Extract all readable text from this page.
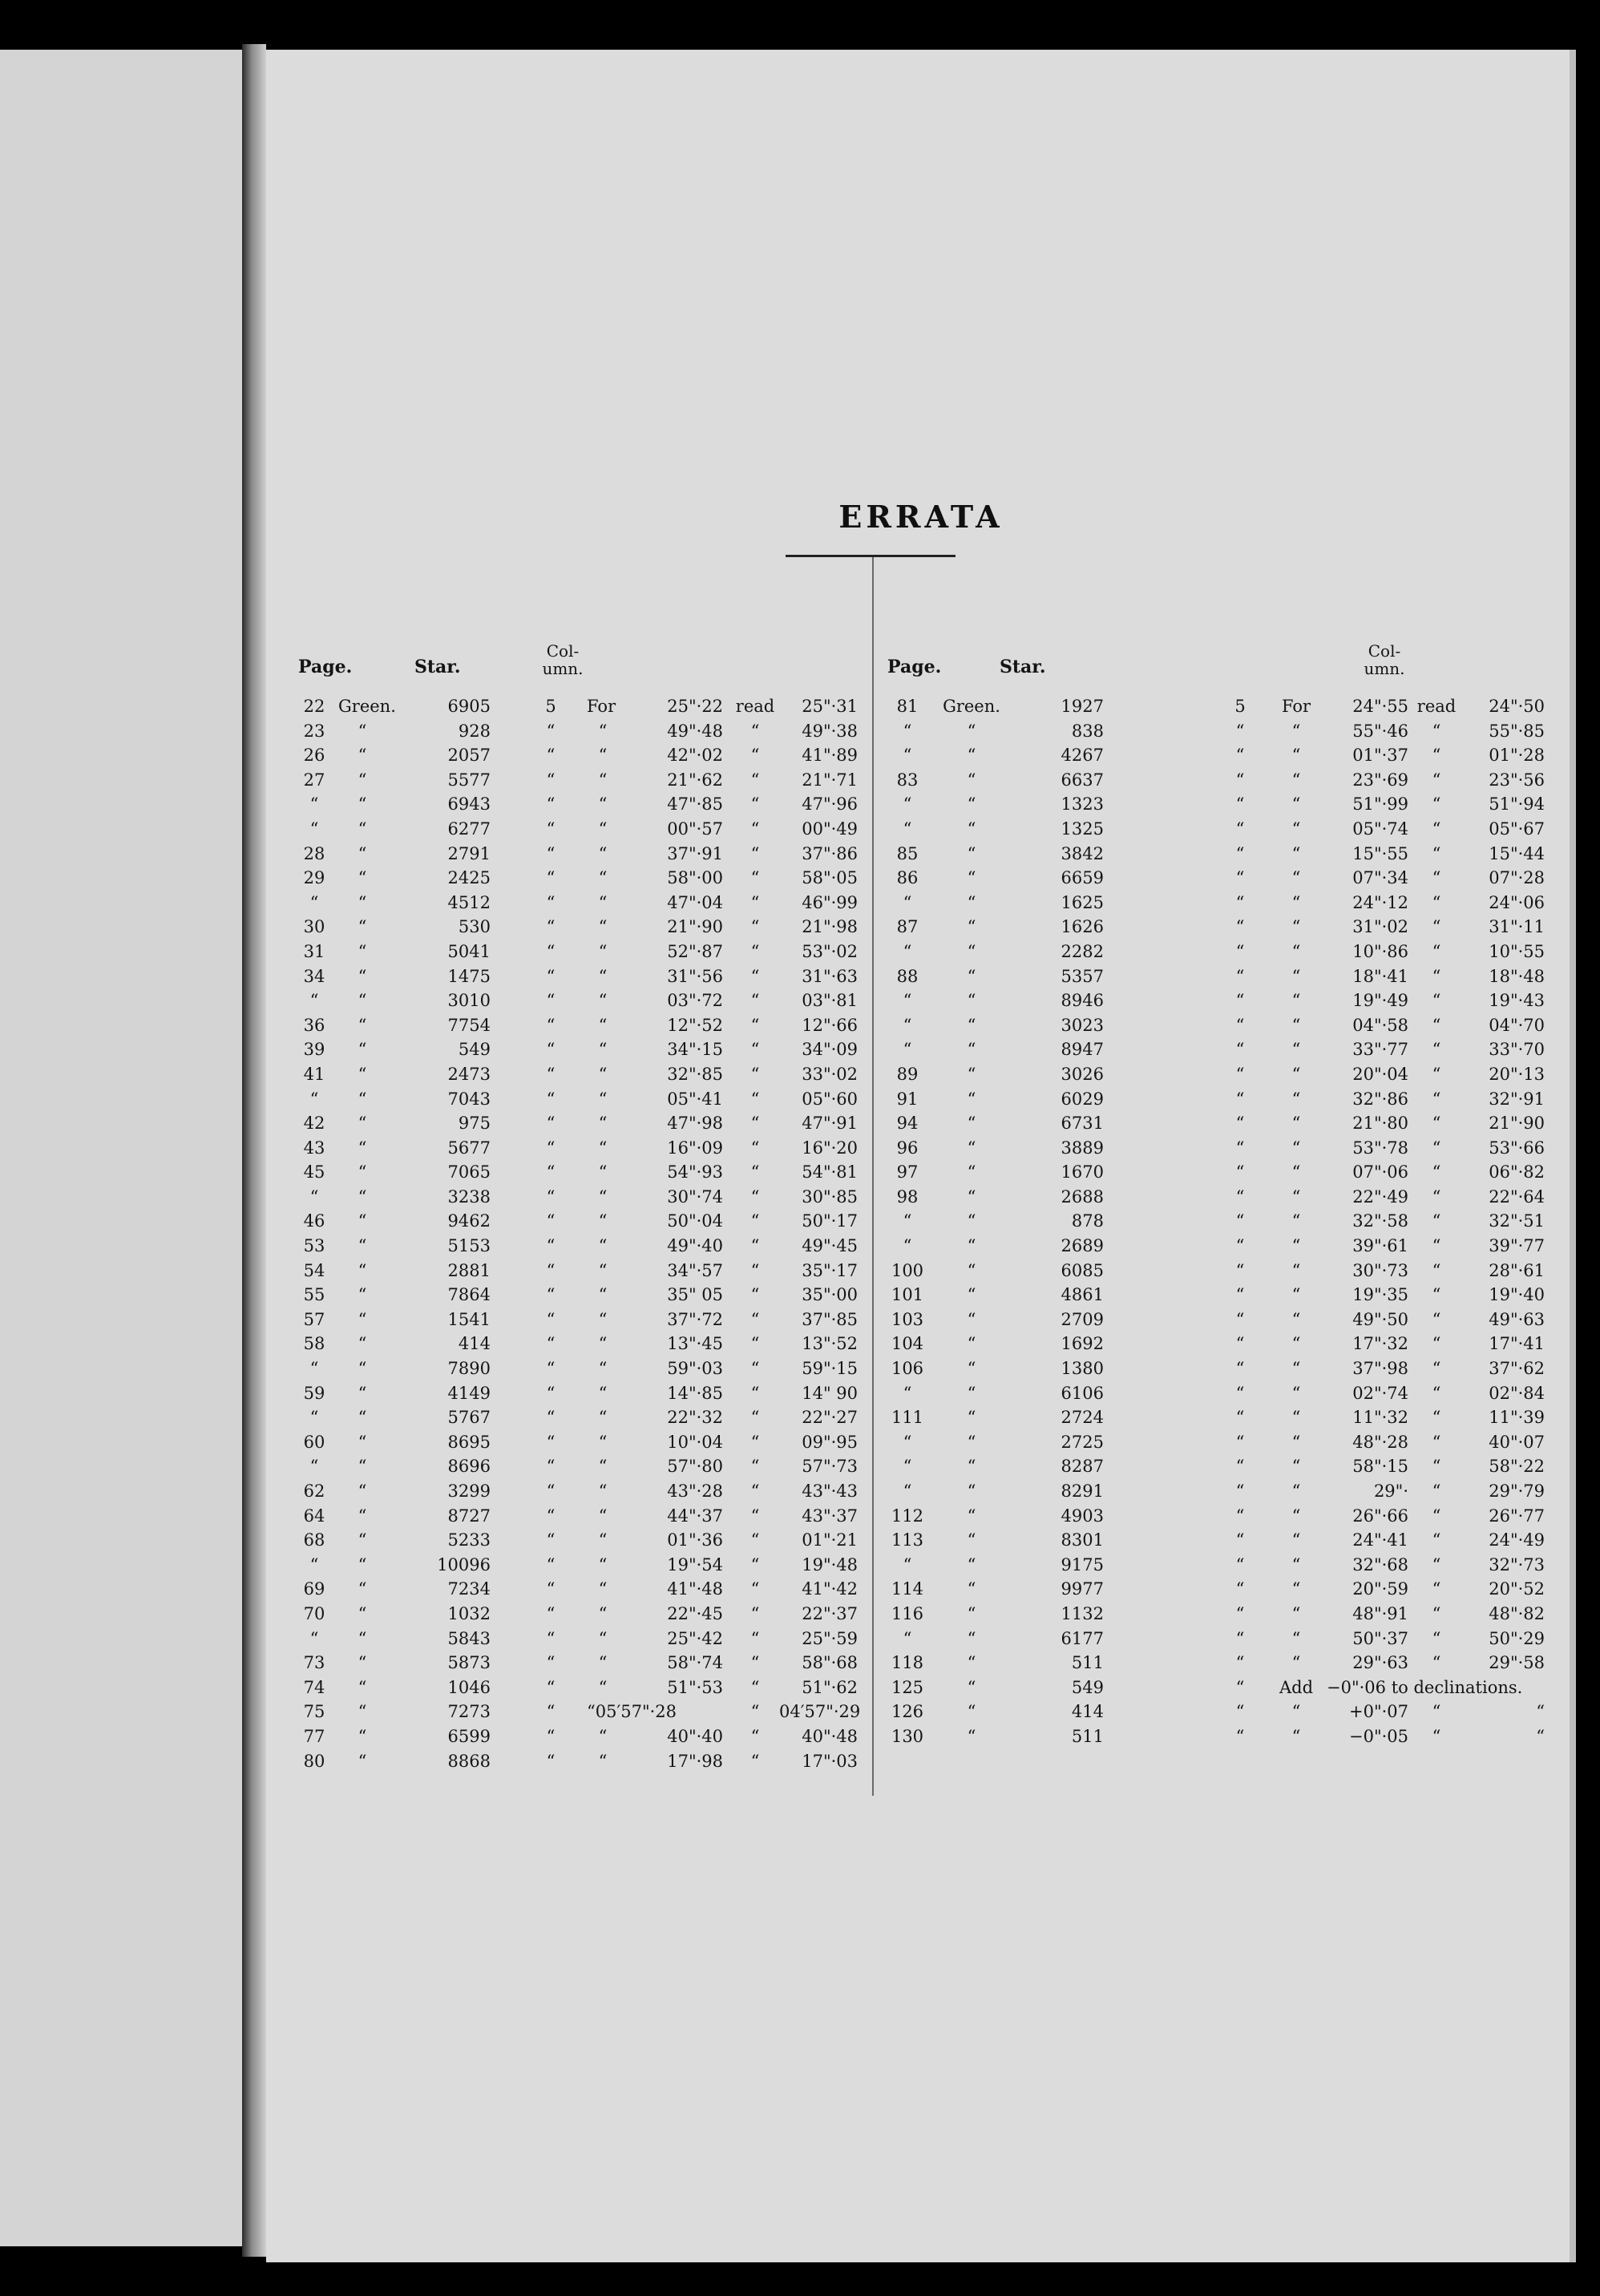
ERRATA
Page.	Star.
Col-
umn.
22 Green.	6905	5	For	25"·22 read	25"·31
23	“	928	“	“	49"·48	“	49"·38
26	“	2057	“	“	42"·02	“	41"·89
27	“	5577	“	“	21"·62	“	21"·71
“	“	6943	“	“	47"·85	“	47"·96
“	“	6277	“	“	00"·57	“	00"·49
28	“	2791	“	“	37"·91	“	37"·86
29	“	2425	“	“	58"·00	“	58"·05
“	“	4512	“	“	47"·04	“	46"·99
30	“	530	“	“	21"·90	“	21"·98
31	“	5041	“	“	52"·87	“	53"·02
34	“	1475	“	“	31"·56	“	31"·63
“	“	3010	“	“	03"·72	“	03"·81
36	“	7754	“	“	12"·52	“	12"·66
39	“	549	“	“	34"·15	“	34"·09
41	“	2473	“	“	32"·85	“	33"·02
“	“	7043	“	“	05"·41	“	05"·60
42	“	975	“	“	47"·98	“	47"·91
43	“	5677	“	“	16"·09	“	16"·20
45	“	7065	“	“	54"·93	“	54"·81
“	“	3238	“	“	30"·74	“	30"·85
46	“	9462	“	“	50"·04	“	50"·17
53	“	5153	“	“	49"·40	“	49"·45
54	“	2881	“	“	34"·57	“	35"·17
55	“	7864	“	“	35" 05	“	35"·00
57	“	1541	“	“	37"·72	“	37"·85
58	“	414	“	“	13"·45	“	13"·52
“	“	7890	“	“	59"·03	“	59"·15
59	“	4149	“	“	14"·85	“	14" 90
“	“	5767	“	“	22"·32	“	22"·27
60	“	8695	“	“	10"·04	“	09"·95
“	“	8696	“	“	57"·80	“	57"·73
62	“	3299	“	“	43"·28	“	43"·43
64	“	8727	“	“	44"·37	“	43"·37
68	“	5233	“	“	01"·36	“	01"·21
“	“	10096	“	“	19"·54	“	19"·48
69	“	7234	“	“	41"·48	“	41"·42
70	“	1032	“	“	22"·45	“	22"·37
“	“	5843	“	“	25"·42	“	25"·59
73	“	5873	“	“	58"·74	“	58"·68
74	“	1046	“	“	51"·53	“	51"·62
75	“	7273	“	“05′57"·28	“	04′57"·29
77	“	6599	“	“	40"·40	“	40"·48
80	“	8868	“	“	17"·98	“	17"·03
Page.	Star.
Col-
umn.
81	Green.	1927	5	For	24"·55 read	24"·50
“	“	838	“	“	55"·46	“	55"·85
“	“	4267	“	“	01"·37	“	01"·28
83	“	6637	“	“	23"·69	“	23"·56
“	“	1323	“	“	51"·99	“	51"·94
“	“	1325	“	“	05"·74	“	05"·67
85	“	3842	“	“	15"·55	“	15"·44
86	“	6659	“	“	07"·34	“	07"·28
“	“	1625	“	“	24"·12	“	24"·06
87	“	1626	“	“	31"·02	“	31"·11
“	“	2282	“	“	10"·86	“	10"·55
88	“	5357	“	“	18"·41	“	18"·48
“	“	8946	“	“	19"·49	“	19"·43
“	“	3023	“	“	04"·58	“	04"·70
“	“	8947	“	“	33"·77	“	33"·70
89	“	3026	“	“	20"·04	“	20"·13
91	“	6029	“	“	32"·86	“	32"·91
94	“	6731	“	“	21"·80	“	21"·90
96	“	3889	“	“	53"·78	“	53"·66
97	“	1670	“	“	07"·06	“	06"·82
98	“	2688	“	“	22"·49	“	22"·64
“	“	878	“	“	32"·58	“	32"·51
“	“	2689	“	“	39"·61	“	39"·77
100	“	6085	“	“	30"·73	“	28"·61
101	“	4861	“	“	19"·35	“	19"·40
103	“	2709	“	“	49"·50	“	49"·63
104	“	1692	“	“	17"·32	“	17"·41
106	“	1380	“	“	37"·98	“	37"·62
“	“	6106	“	“	02"·74	“	02"·84
111	“	2724	“	“	11"·32	“	11"·39
“	“	2725	“	“	48"·28	“	40"·07
“	“	8287	“	“	58"·15	“	58"·22
“	“	8291	“	“	29"·	“	29"·79
112	“	4903	“	“	26"·66	“	26"·77
113	“	8301	“	“	24"·41	“	24"·49
“	“	9175	“	“	32"·68	“	32"·73
114	“	9977	“	“	20"·59	“	20"·52
116	“	1132	“	“	48"·91	“	48"·82
“	“	6177	“	“	50"·37	“	50"·29
118	“	511	“	“	29"·63	“	29"·58
125	“	549	“	Add −0"·06 to declinations.
126	“	414	“	“	+0"·07	“	“
130	“	511	“	“	−0"·05	“	“
